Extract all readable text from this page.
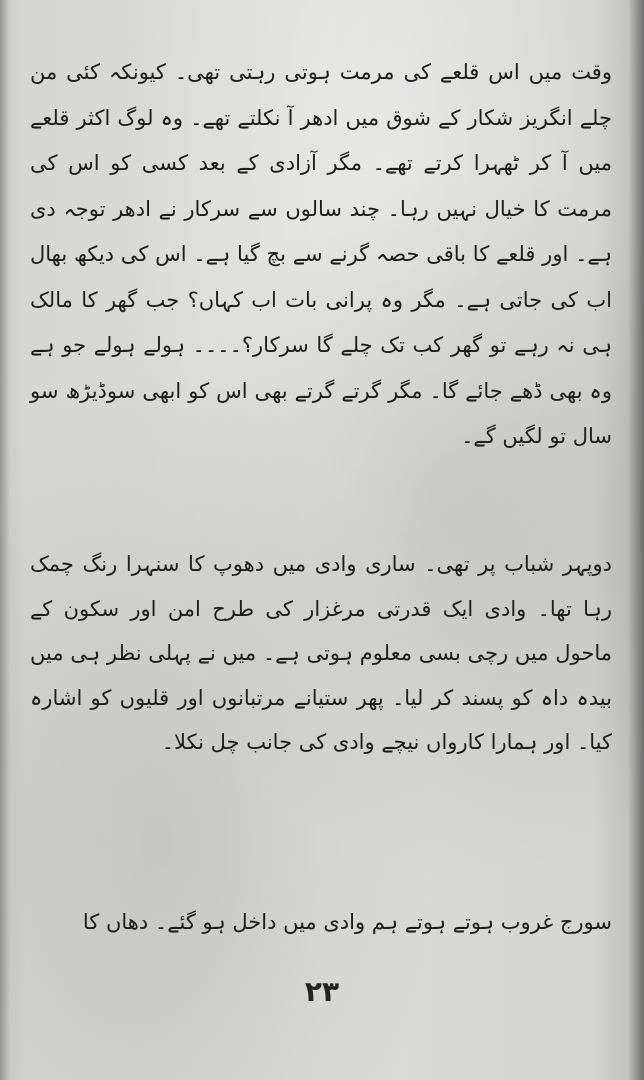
وقت میں اس قلعے کی مرمت ہوتی رہتی تھی۔ کیونکہ کئی من چلے انگریز شکار کے شوق میں ادھر آ نکلتے تھے۔ وہ لوگ اکثر قلعے میں آ کر ٹھہرا کرتے تھے۔ مگر آزادی کے بعد کسی کو اس کی مرمت کا خیال نہیں رہا۔ چند سالوں سے سرکار نے ادھر توجہ دی ہے۔ اور قلعے کا باقی حصہ گرنے سے بچ گیا ہے۔ اس کی دیکھ بھال اب کی جاتی ہے۔ مگر وہ پرانی بات اب کہاں؟ جب گھر کا مالک ہی نہ رہے تو گھر کب تک چلے گا سرکار؟۔۔۔۔ ہولے ہولے جو ہے وہ بھی ڈھے جائے گا۔ مگر گرتے گرتے بھی اس کو ابھی سوڈیڑھ سو سال تو لگیں گے۔

دوپہر شباب پر تھی۔ ساری وادی میں دھوپ کا سنہرا رنگ چمک رہا تھا۔ وادی ایک قدرتی مرغزار کی طرح امن اور سکون کے ماحول میں رچی بسی معلوم ہوتی ہے۔ میں نے پہلی نظر ہی میں بیدہ داہ کو پسند کر لیا۔ پھر ستیانے مرتبانوں اور قلیوں کو اشارہ کیا۔ اور ہمارا کارواں نیچے وادی کی جانب چل نکلا۔

سورج غروب ہوتے ہوتے ہم وادی میں داخل ہو گئے۔ دھاں کا

۲۳
